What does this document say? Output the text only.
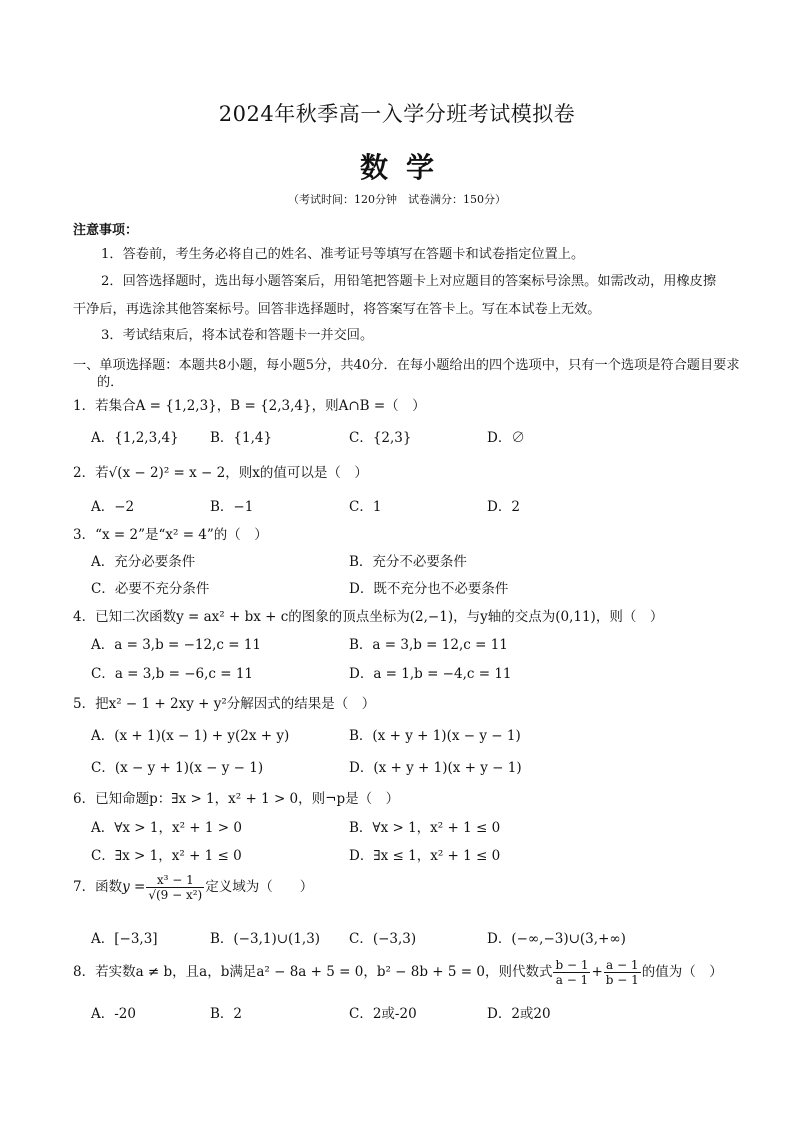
2024年秋季高一入学分班考试模拟卷
数学
（考试时间：120分钟　试卷满分：150分）
注意事项：
1．答卷前，考生务必将自己的姓名、准考证号等填写在答题卡和试卷指定位置上。
2．回答选择题时，选出每小题答案后，用铅笔把答题卡上对应题目的答案标号涂黑。如需改动，用橡皮擦干净后，再选涂其他答案标号。回答非选择题时，将答案写在答卡上。写在本试卷上无效。
3．考试结束后，将本试卷和答题卡一并交回。
一、单项选择题：本题共8小题，每小题5分，共40分．在每小题给出的四个选项中，只有一个选项是符合题目要求的．
1．若集合A = {1,2,3}，B = {2,3,4}，则A∩B =（　）
A．{1,2,3,4} B．{1,4}	C．{2,3}	D．∅
2．若√(x − 2)² = x − 2，则x的值可以是（　）
A．−2	B．−1	C．1	D．2
3．“x = 2”是“x² = 4”的（　）
A．充分必要条件	B．充分不必要条件
C．必要不充分条件	D．既不充分也不必要条件
4．已知二次函数y = ax² + bx + c的图象的顶点坐标为(2,−1)，与y轴的交点为(0,11)，则（　）
A．a = 3,b = −12,c = 11	B．a = 3,b = 12,c = 11
C．a = 3,b = −6,c = 11	D．a = 1,b = −4,c = 11
5．把x² − 1 + 2xy + y²分解因式的结果是（　）
A．(x + 1)(x − 1) + y(2x + y)	B．(x + y + 1)(x − y − 1)
C．(x − y + 1)(x − y − 1)	D．(x + y + 1)(x + y − 1)
6．已知命题p：∃x > 1，x² + 1 > 0，则¬p是（　）
A．∀x > 1，x² + 1 > 0	B．∀x > 1，x² + 1 ≤ 0
C．∃x > 1，x² + 1 ≤ 0	D．∃x ≤ 1，x² + 1 ≤ 0
7．函数$y = \frac{\text{x³ − 1}}{\text{√(9 − x²)}}$ 定义域为（　　）
A．[−3,3]	B．(−3,1)∪(1,3) C．(−3,3)	D．(−∞,−3)∪(3,+∞)
8．若实数a ≠ b，且a，b满足a² − 8a + 5 = 0，b² − 8b + 5 = 0，则代数式 $\frac{b - 1}{a - 1} + \frac{a - 1}{b - 1}$ 的值为（　）
A．-20	B．2	C．2或-20	D．2或20
